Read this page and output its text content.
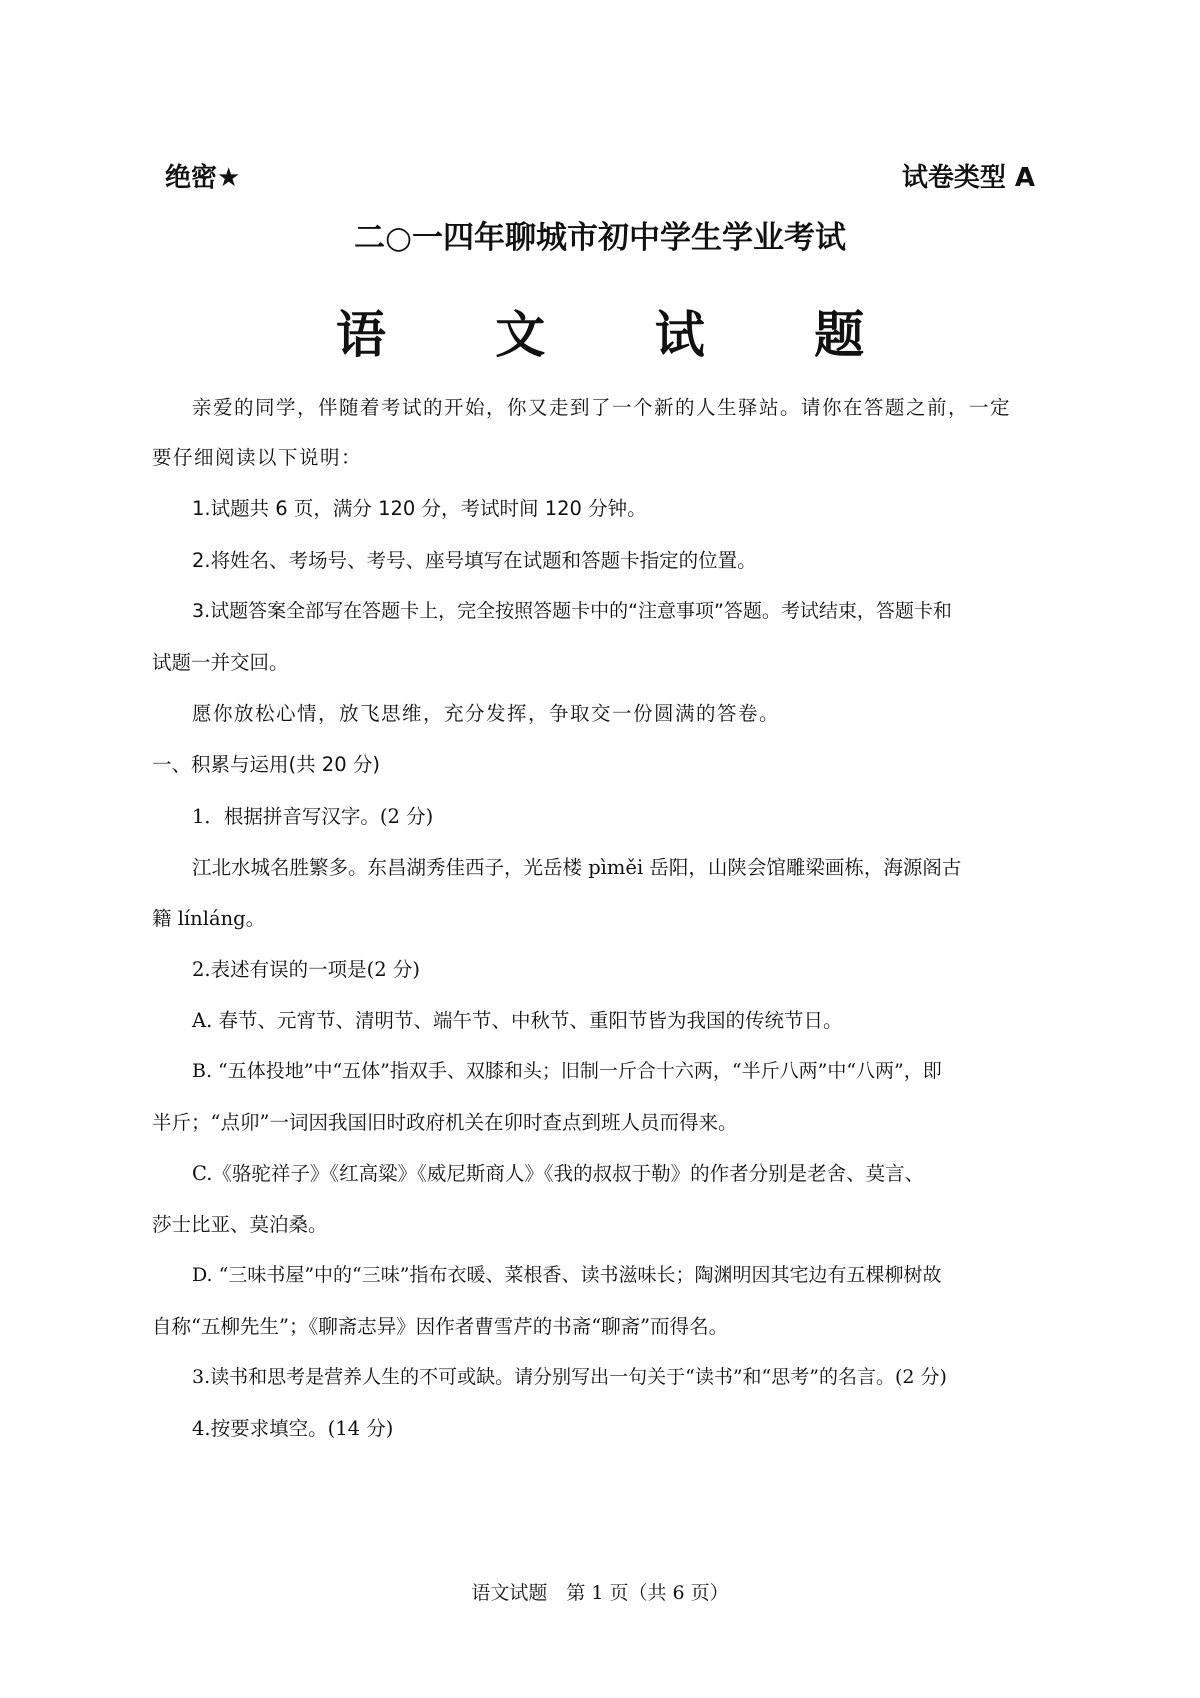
绝密★	试卷类型 A
二○一四年聊城市初中学生学业考试
语 文 试 题
亲爱的同学，伴随着考试的开始，你又走到了一个新的人生驿站。请你在答题之前，一定
要仔细阅读以下说明：
1.试题共 6 页，满分 120 分，考试时间 120 分钟。
2.将姓名、考场号、考号、座号填写在试题和答题卡指定的位置。
3.试题答案全部写在答题卡上，完全按照答题卡中的“注意事项”答题。考试结束，答题卡和
试题一并交回。
愿你放松心情，放飞思维，充分发挥，争取交一份圆满的答卷。
一、积累与运用(共 20 分)
1．根据拼音写汉字。(2 分)
江北水城名胜繁多。东昌湖秀佳西子，光岳楼 pìměi 岳阳，山陕会馆雕梁画栋，海源阁古
籍 línláng。
2.表述有误的一项是(2 分)
A. 春节、元宵节、清明节、端午节、中秋节、重阳节皆为我国的传统节日。
B. “五体投地”中“五体”指双手、双膝和头；旧制一斤合十六两，“半斤八两”中“八两”，即
半斤；“点卯”一词因我国旧时政府机关在卯时查点到班人员而得来。
C.《骆驼祥子》《红高粱》《威尼斯商人》《我的叔叔于勒》的作者分别是老舍、莫言、
莎士比亚、莫泊桑。
D. “三味书屋”中的“三味”指布衣暖、菜根香、读书滋味长；陶渊明因其宅边有五棵柳树故
自称“五柳先生”；《聊斋志异》因作者曹雪芹的书斋“聊斋”而得名。
3.读书和思考是营养人生的不可或缺。请分别写出一句关于“读书”和“思考”的名言。(2 分)
4.按要求填空。(14 分)
语文试题　第 1 页（共 6 页）
